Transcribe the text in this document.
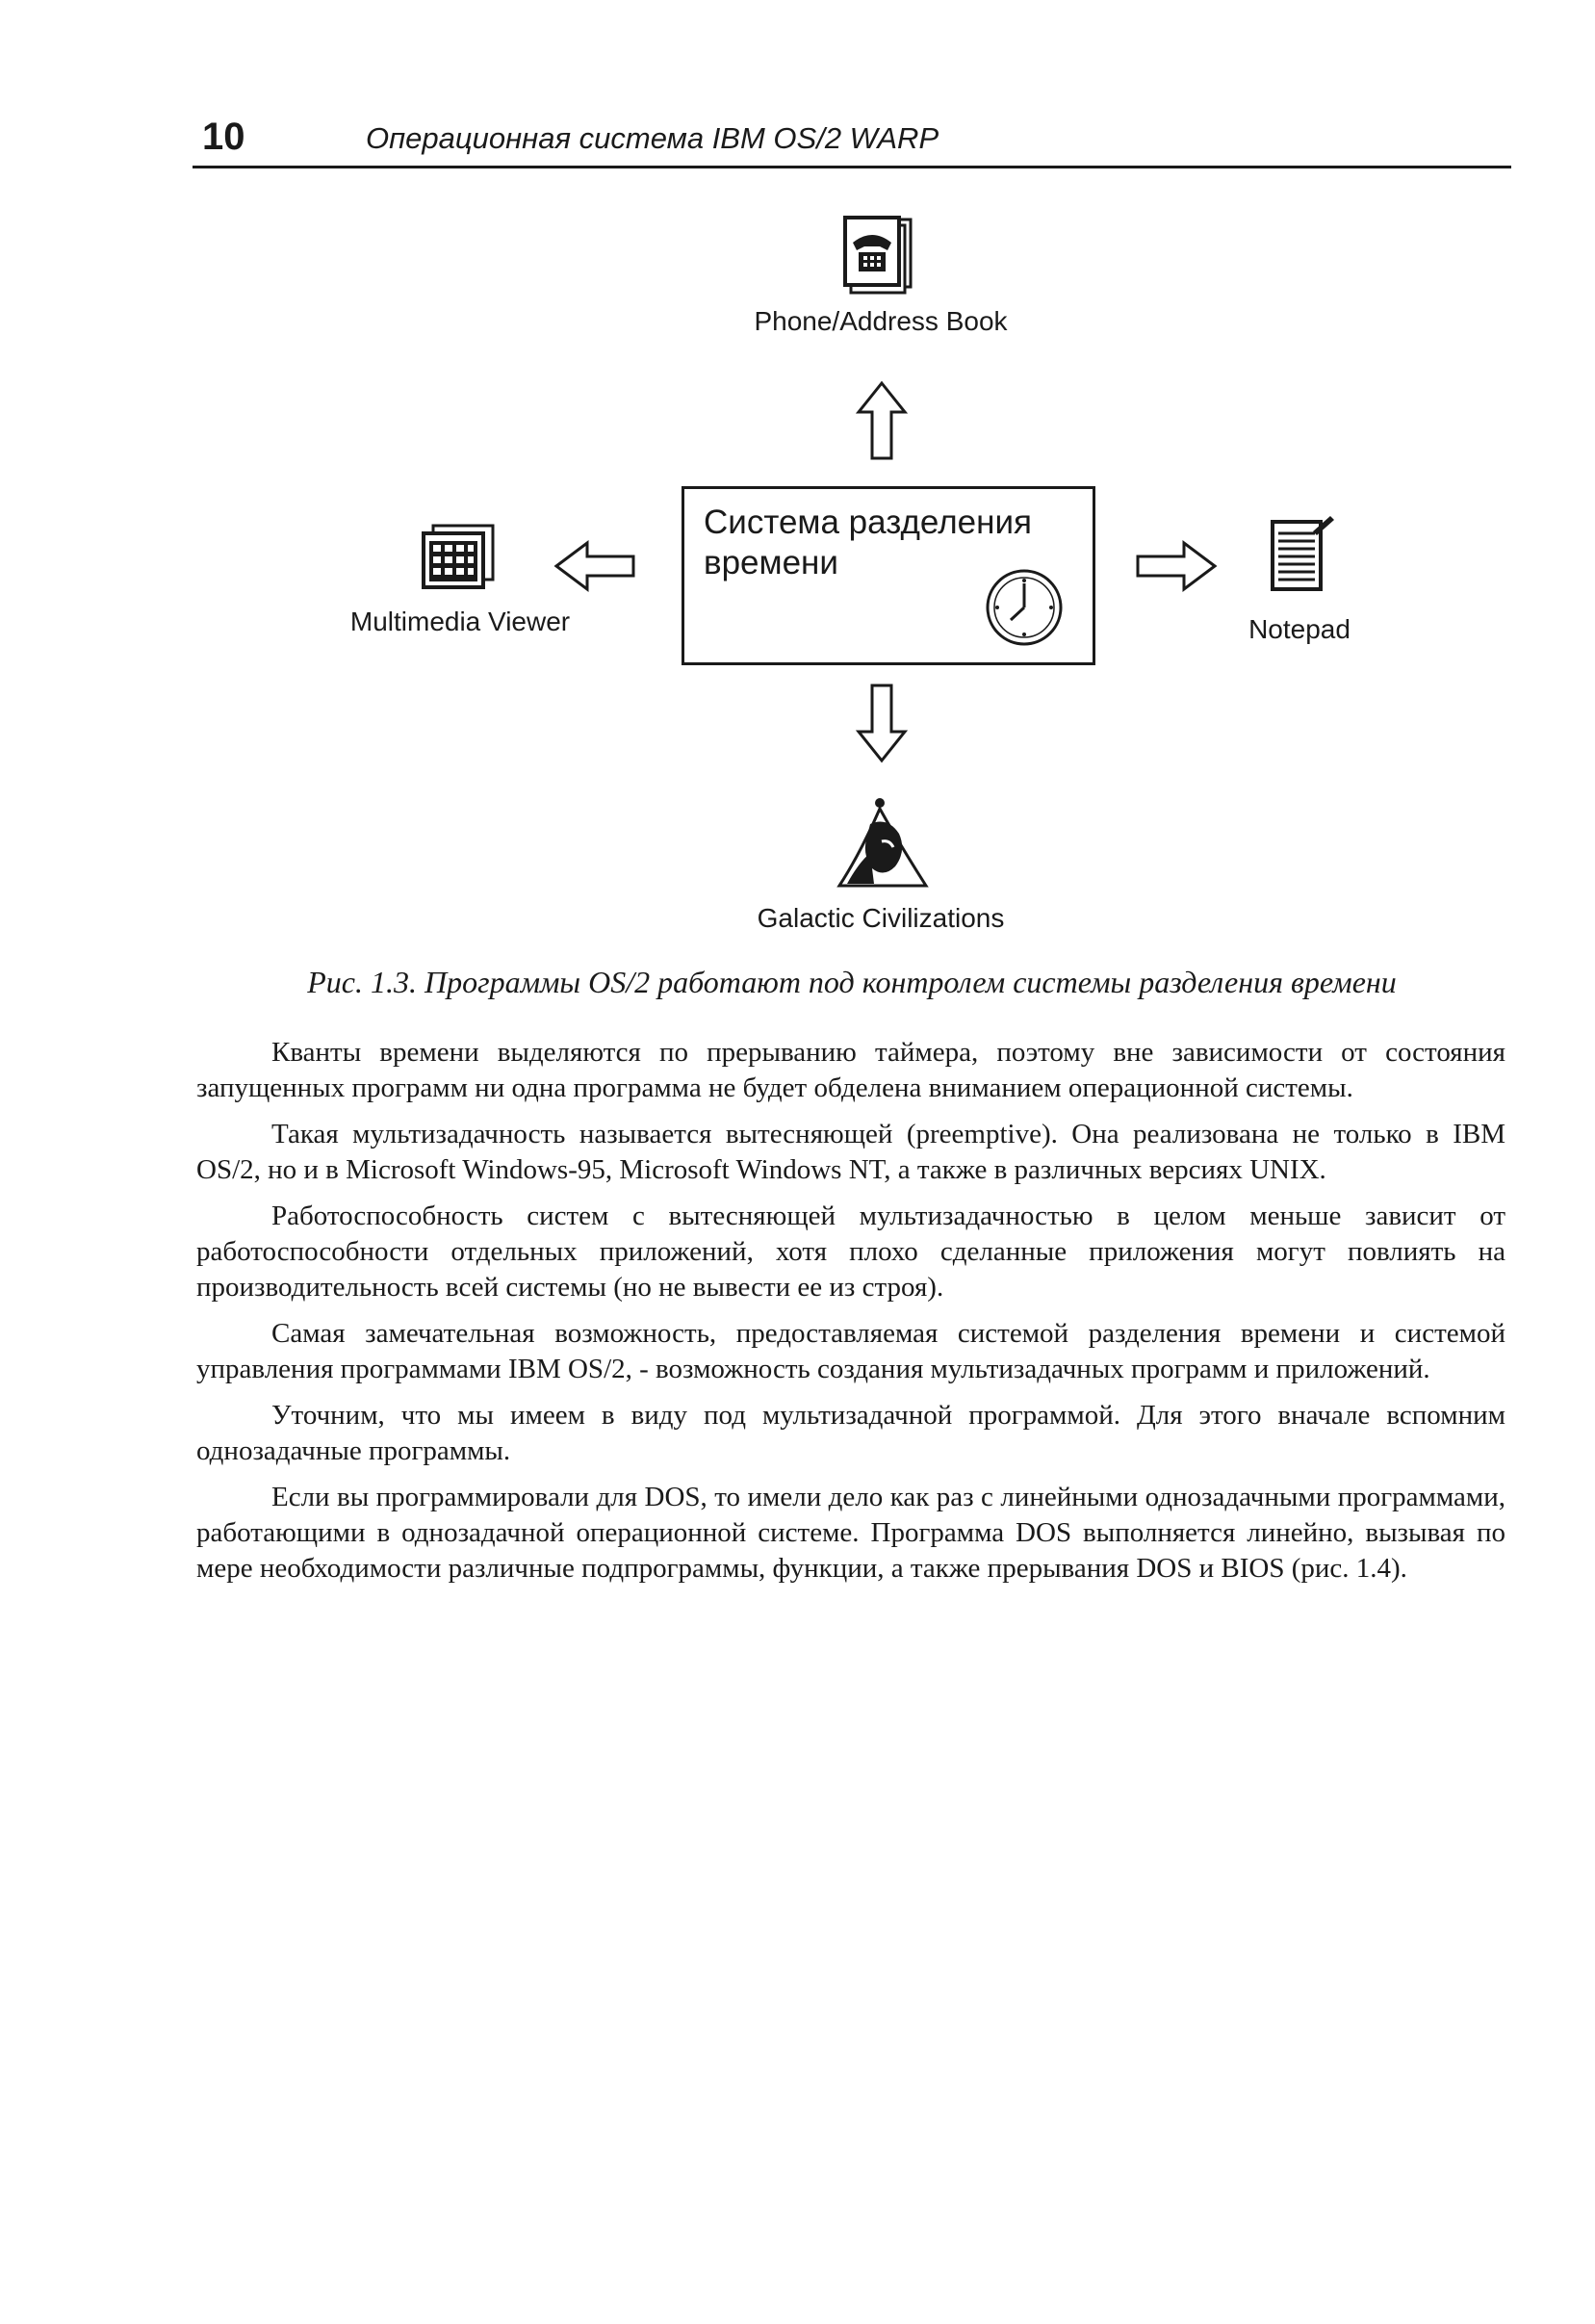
10	Операционная система IBM OS/2 WARP
Phone/Address Book
Система разделения времени
Multimedia Viewer	Notepad
Galactic Civilizations
Рис. 1.3. Программы OS/2 работают под контролем системы разделения времени

Кванты времени выделяются по прерыванию таймера, поэтому вне зависимости от состояния запущенных программ ни одна программа не будет обделена вниманием операционной системы.

Такая мультизадачность называется вытесняющей (preemptive). Она реализована не только в IBM OS/2, но и в Microsoft Windows-95, Microsoft Windows NT, а также в различных версиях UNIX.

Работоспособность систем с вытесняющей мультизадачностью в целом меньше зависит от работоспособности отдельных приложений, хотя плохо сделанные приложения могут повлиять на производительность всей системы (но не вывести ее из строя).

Самая замечательная возможность, предоставляемая системой разделения времени и системой управления программами IBM OS/2, - возможность создания мультизадачных программ и приложений.

Уточним, что мы имеем в виду под мультизадачной программой. Для этого вначале вспомним однозадачные программы.

Если вы программировали для DOS, то имели дело как раз с линейными однозадачными программами, работающими в однозадачной операционной системе. Программа DOS выполняется линейно, вызывая по мере необходимости различные подпрограммы, функции, а также прерывания DOS и BIOS (рис. 1.4).
